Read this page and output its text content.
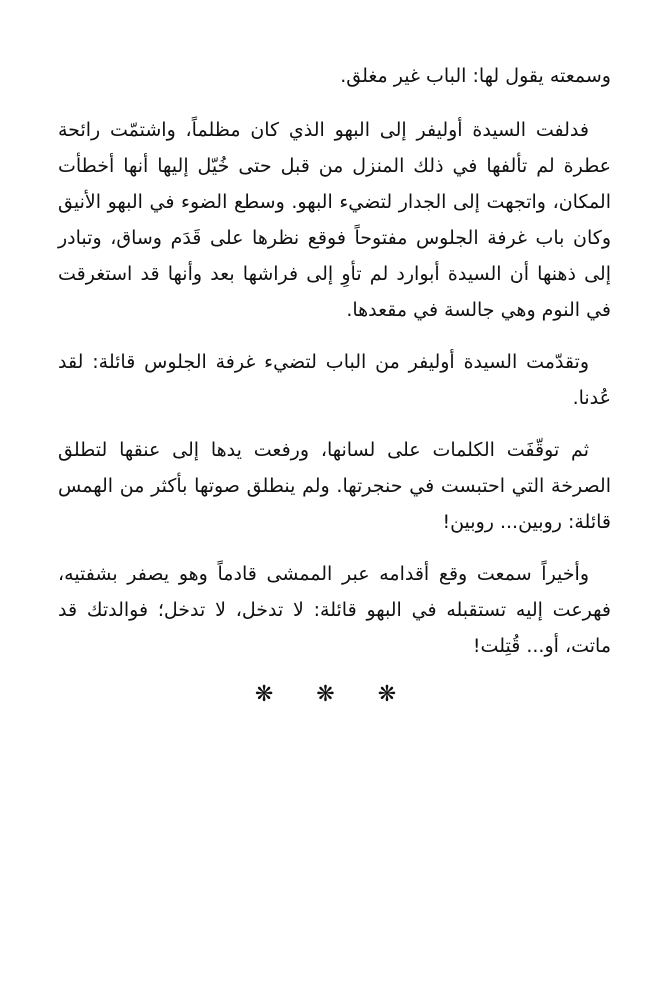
وسمعته يقول لها: الباب غير مغلق.

فدلفت السيدة أوليفر إلى البهو الذي كان مظلماً، واشتمّت رائحة عطرة لم تألفها في ذلك المنزل من قبل حتى خُيّل إليها أنها أخطأت المكان، واتجهت إلى الجدار لتضيء البهو. وسطع الضوء في البهو الأنيق وكان باب غرفة الجلوس مفتوحاً فوقع نظرها على قَدَم وساق، وتبادر إلى ذهنها أن السيدة أبوارد لم تأوِ إلى فراشها بعد وأنها قد استغرقت في النوم وهي جالسة في مقعدها.

وتقدّمت السيدة أوليفر من الباب لتضيء غرفة الجلوس قائلة: لقد عُدنا.

ثم توقّفَت الكلمات على لسانها، ورفعت يدها إلى عنقها لتطلق الصرخة التي احتبست في حنجرتها. ولم ينطلق صوتها بأكثر من الهمس قائلة: روبين... روبين!

وأخيراً سمعت وقع أقدامه عبر الممشى قادماً وهو يصفر بشفتيه، فهرعت إليه تستقبله في البهو قائلة: لا تدخل، لا تدخل؛ فوالدتك قد ماتت، أو... قُتِلت!

❋ ❋ ❋
